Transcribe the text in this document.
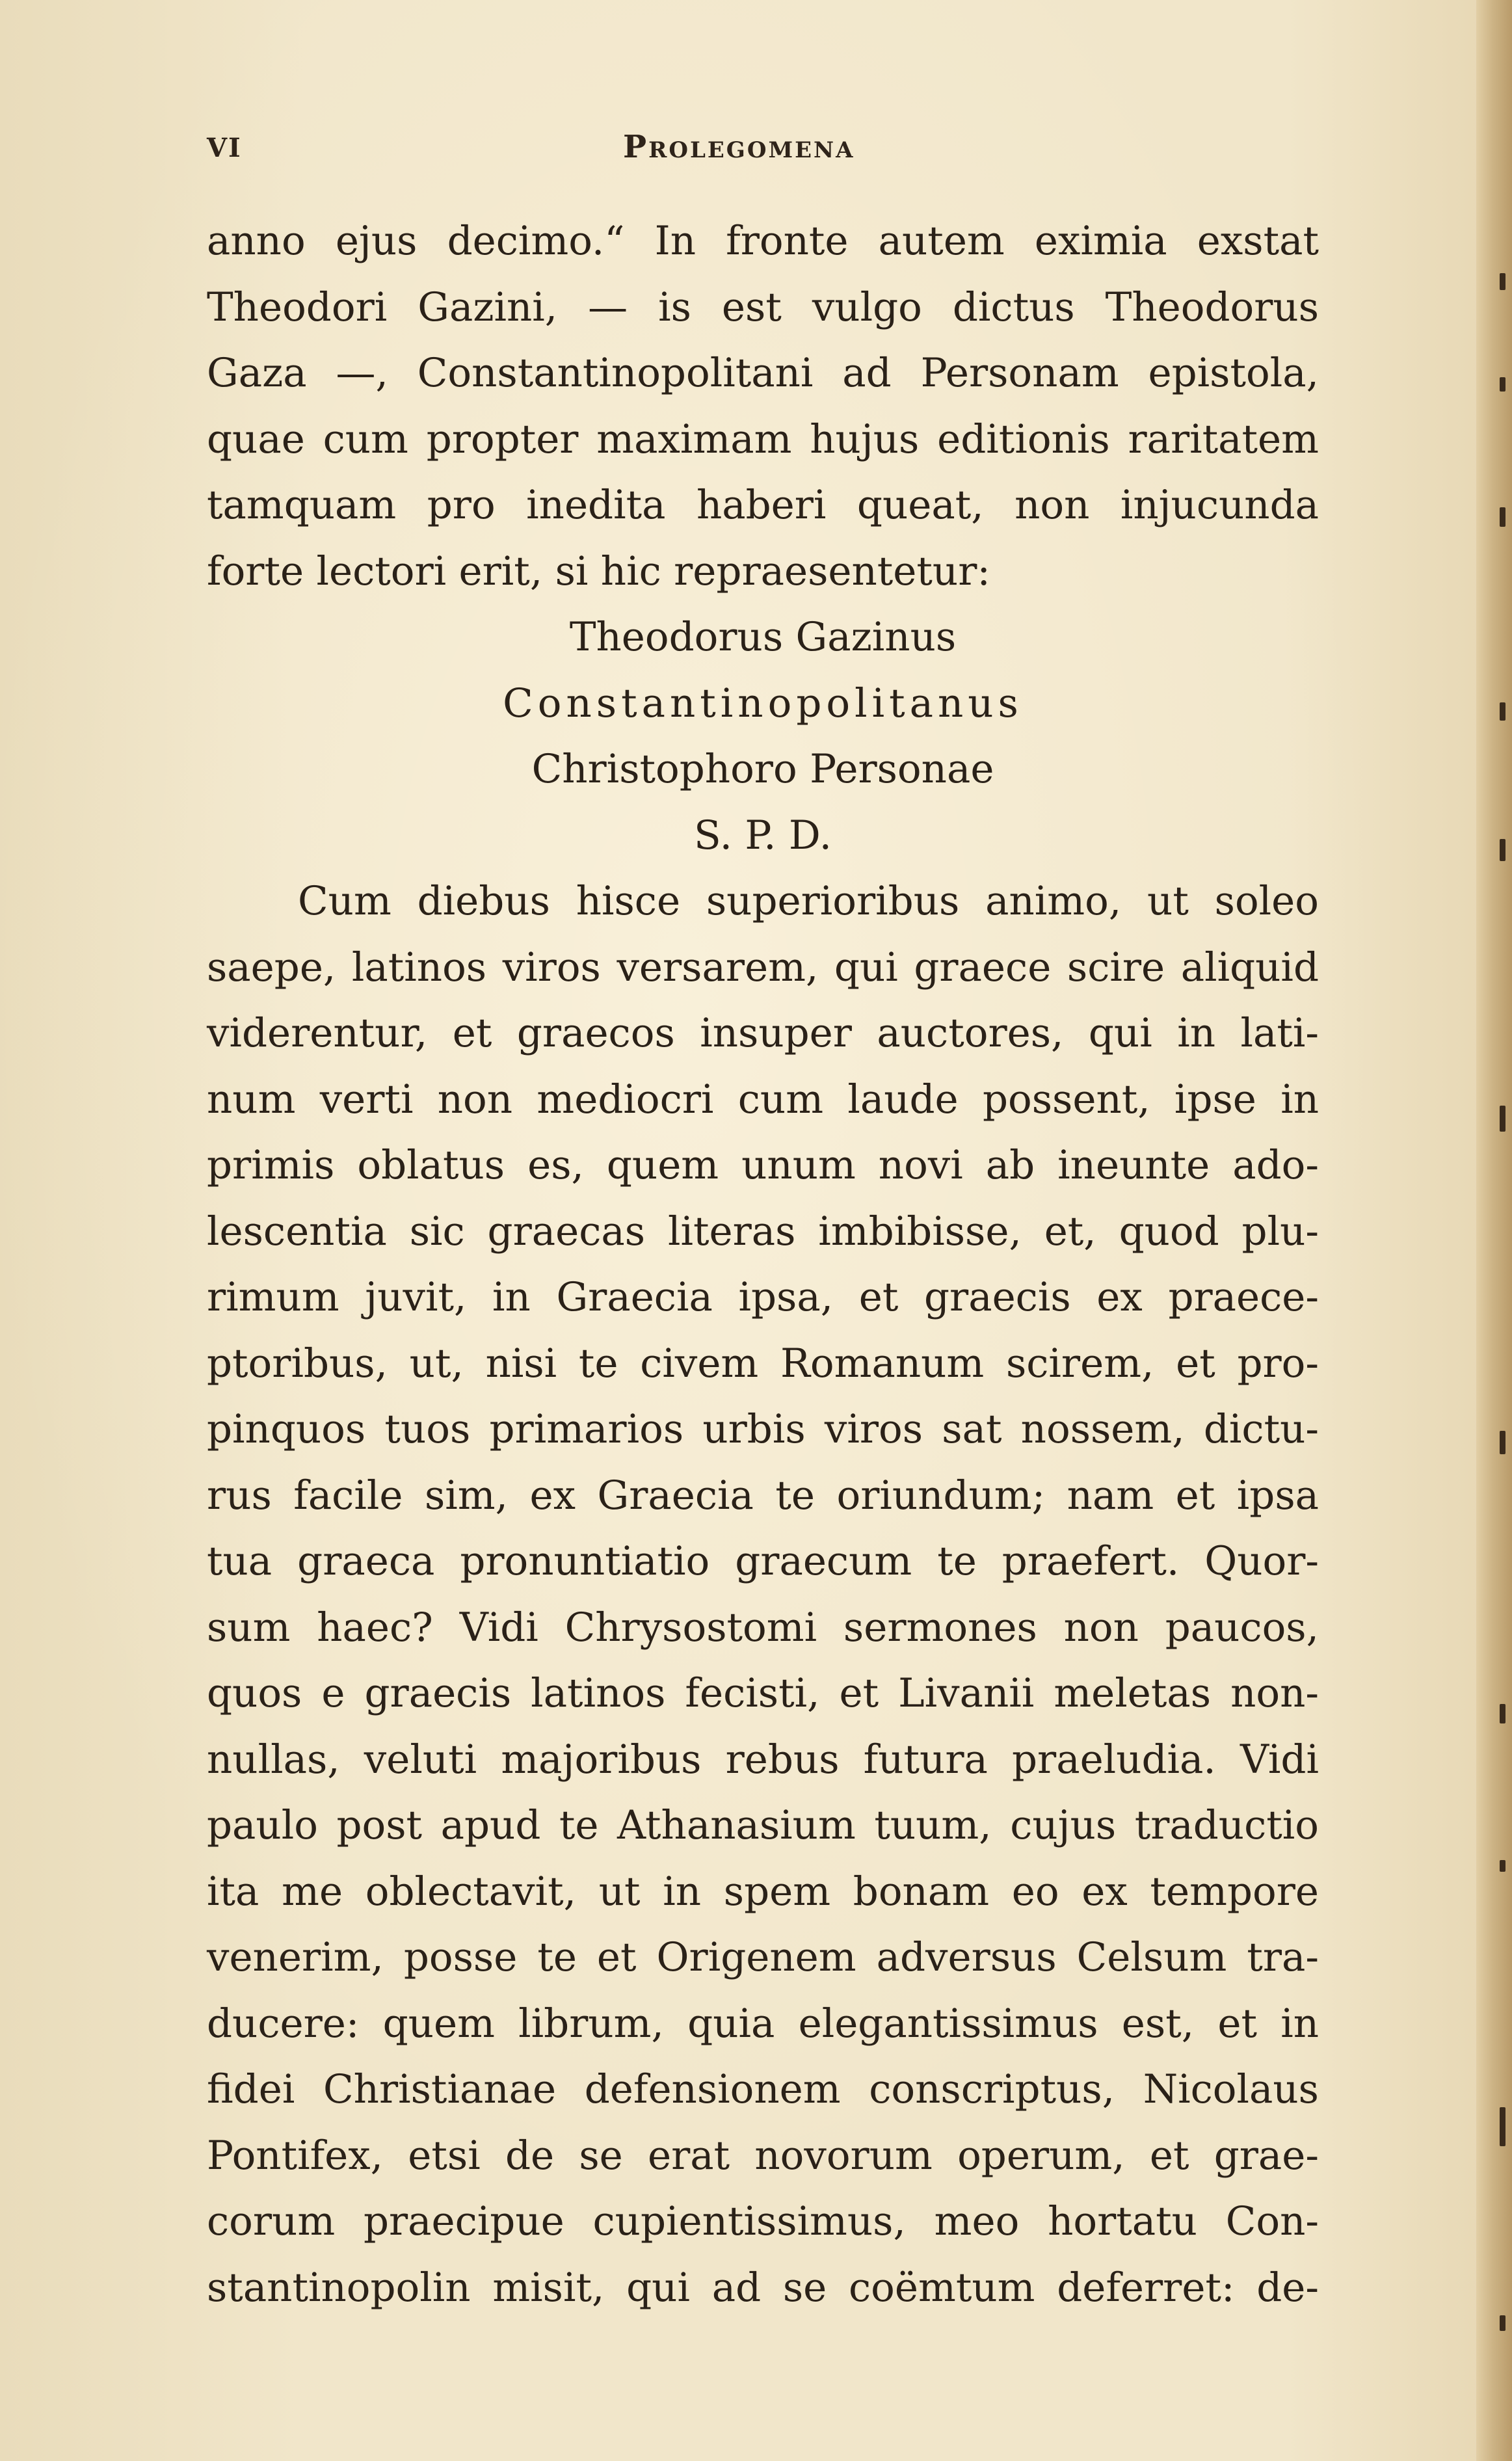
VI	Prolegomena
anno ejus decimo.“ In fronte autem eximia exstat
Theodori Gazini, — is est vulgo dictus Theodorus
Gaza —, Constantinopolitani ad Personam epistola,
quae cum propter maximam hujus editionis raritatem
tamquam pro inedita haberi queat, non injucunda
forte lectori erit, si hic repraesentetur:
Theodorus Gazinus
Constantinopolitanus
Christophoro Personae
S. P. D.
Cum diebus hisce superioribus animo, ut soleo
saepe, latinos viros versarem, qui graece scire aliquid
viderentur, et graecos insuper auctores, qui in lati-
num verti non mediocri cum laude possent, ipse in
primis oblatus es, quem unum novi ab ineunte ado-
lescentia sic graecas literas imbibisse, et, quod plu-
rimum juvit, in Graecia ipsa, et graecis ex praece-
ptoribus, ut, nisi te civem Romanum scirem, et pro-
pinquos tuos primarios urbis viros sat nossem, dictu-
rus facile sim, ex Graecia te oriundum; nam et ipsa
tua graeca pronuntiatio graecum te praefert. Quor-
sum haec? Vidi Chrysostomi sermones non paucos,
quos e graecis latinos fecisti, et Livanii meletas non-
nullas, veluti majoribus rebus futura praeludia. Vidi
paulo post apud te Athanasium tuum, cujus traductio
ita me oblectavit, ut in spem bonam eo ex tempore
venerim, posse te et Origenem adversus Celsum tra-
ducere: quem librum, quia elegantissimus est, et in
fidei Christianae defensionem conscriptus, Nicolaus
Pontifex, etsi de se erat novorum operum, et grae-
corum praecipue cupientissimus, meo hortatu Con-
stantinopolin misit, qui ad se coëmtum deferret: de-
